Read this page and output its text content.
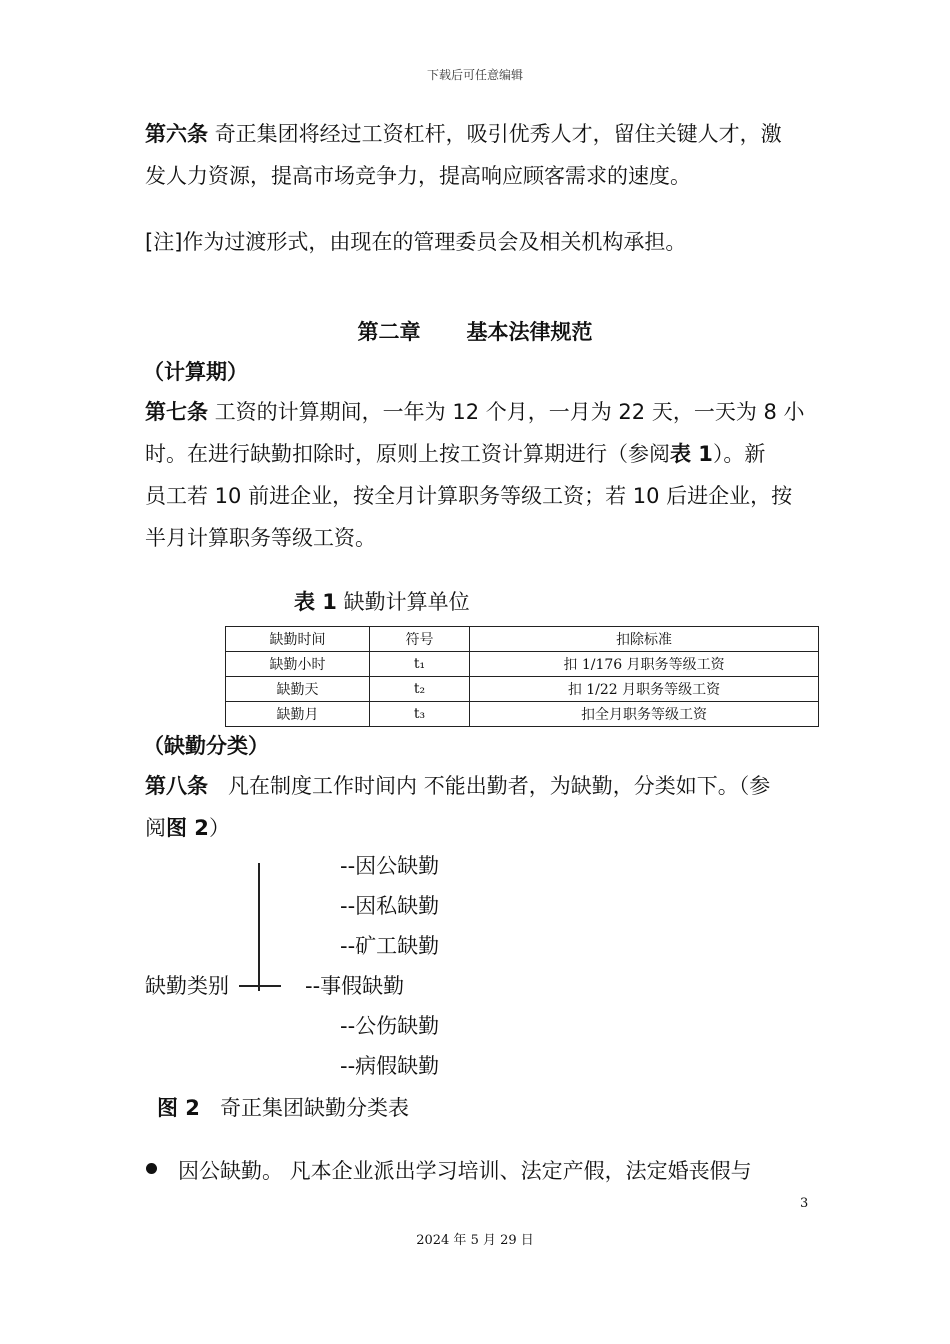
下载后可任意编辑
第六条 奇正集团将经过工资杠杆，吸引优秀人才，留住关键人才，激
发人力资源，提高市场竞争力，提高响应顾客需求的速度。
[注]作为过渡形式，由现在的管理委员会及相关机构承担。
第二章 基本法律规范
（计算期）
第七条 工资的计算期间，一年为 12 个月，一月为 22 天，一天为 8 小
时。在进行缺勤扣除时，原则上按工资计算期进行（参阅表 1）。新
员工若 10 前进企业，按全月计算职务等级工资；若 10 后进企业，按
半月计算职务等级工资。
表 1 缺勤计算单位
缺勤时间	符号	扣除标准
缺勤小时	t₁	扣 1/176 月职务等级工资
缺勤天	t₂	扣 1/22 月职务等级工资
缺勤月	t₃	扣全月职务等级工资
（缺勤分类）
第八条 凡在制度工作时间内 不能出勤者，为缺勤，分类如下。（参
阅图 2）
--因公缺勤
--因私缺勤
--矿工缺勤
缺勤类别	--事假缺勤
--公伤缺勤
--病假缺勤
图 2 奇正集团缺勤分类表
因公缺勤。 凡本企业派出学习培训、法定产假，法定婚丧假与
3
2024 年 5 月 29 日
